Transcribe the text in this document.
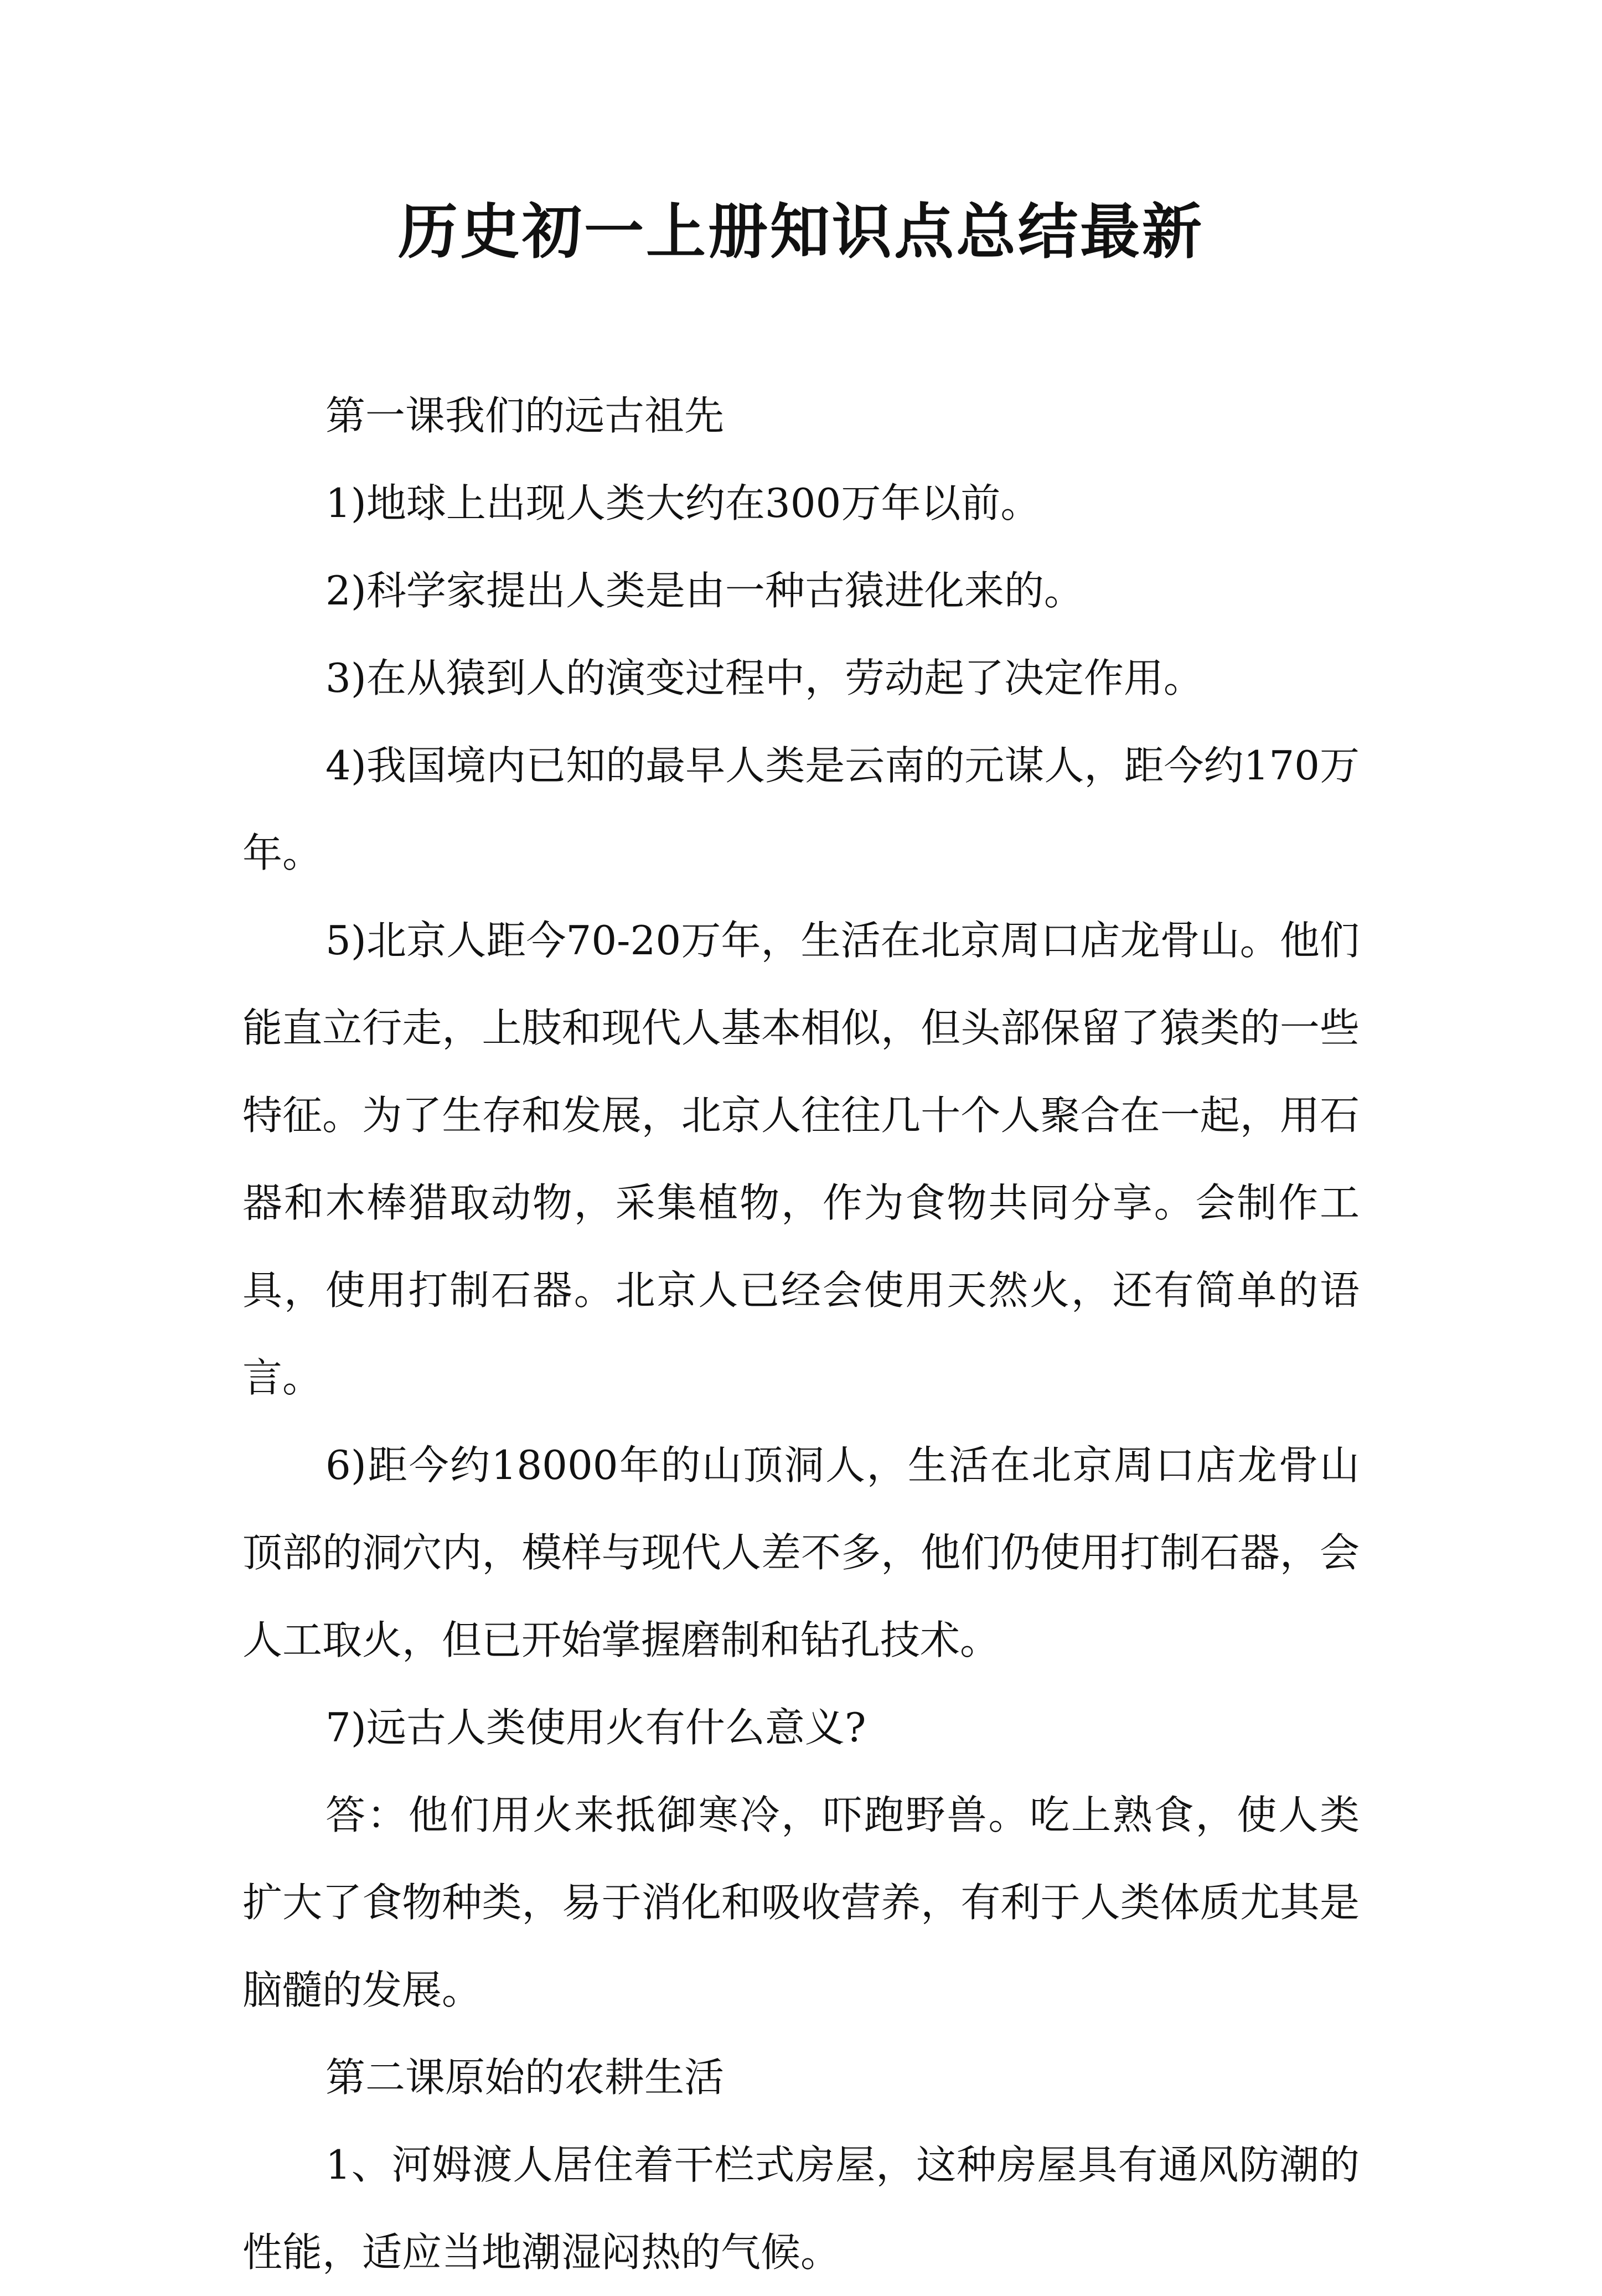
历史初一上册知识点总结最新

第一课我们的远古祖先

1)地球上出现人类大约在300万年以前。

2)科学家提出人类是由一种古猿进化来的。

3)在从猿到人的演变过程中，劳动起了决定作用。

4)我国境内已知的最早人类是云南的元谋人，距今约170万年。

5)北京人距今70-20万年，生活在北京周口店龙骨山。他们能直立行走，上肢和现代人基本相似，但头部保留了猿类的一些特征。为了生存和发展，北京人往往几十个人聚合在一起，用石器和木棒猎取动物，采集植物，作为食物共同分享。会制作工具，使用打制石器。北京人已经会使用天然火，还有简单的语言。

6)距今约18000年的山顶洞人，生活在北京周口店龙骨山顶部的洞穴内，模样与现代人差不多，他们仍使用打制石器，会人工取火，但已开始掌握磨制和钻孔技术。

7)远古人类使用火有什么意义?

答：他们用火来抵御寒冷，吓跑野兽。吃上熟食，使人类扩大了食物种类，易于消化和吸收营养，有利于人类体质尤其是脑髓的发展。

第二课原始的农耕生活

1、河姆渡人居住着干栏式房屋，这种房屋具有通风防潮的性能，适应当地潮湿闷热的气候。
